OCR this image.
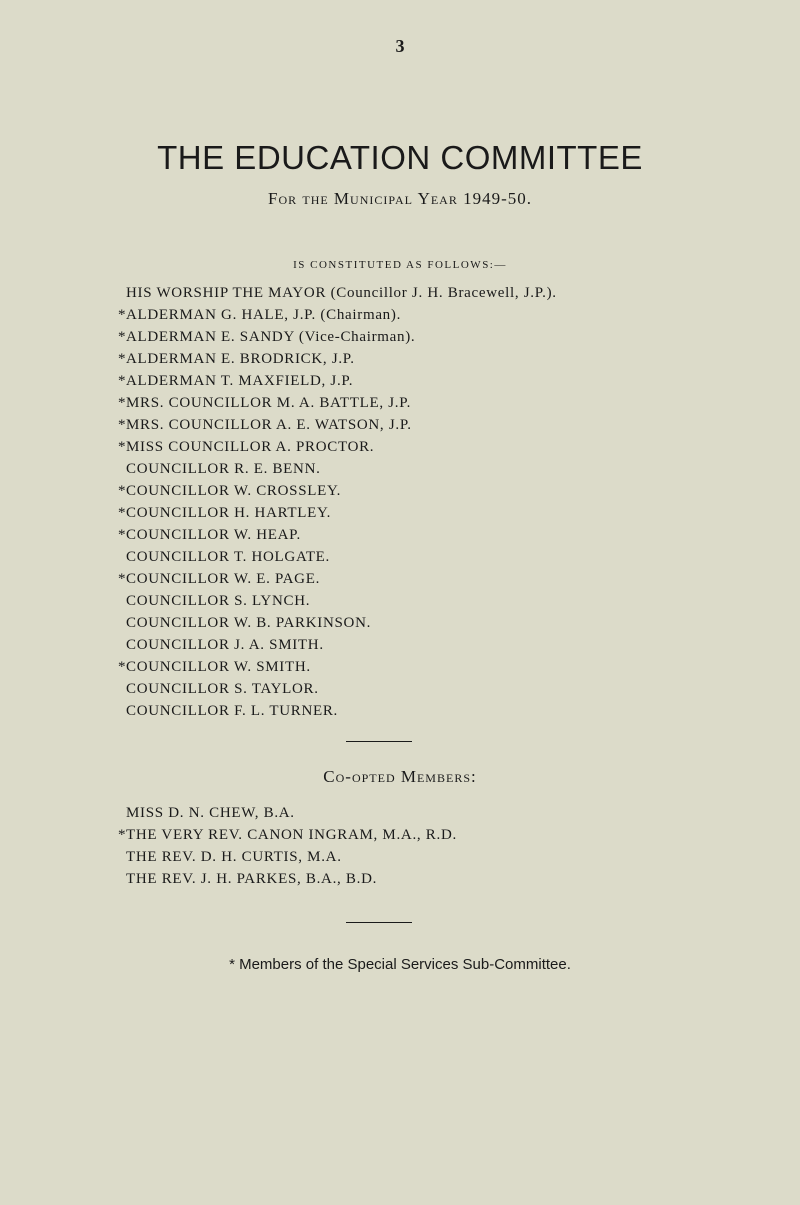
3
THE EDUCATION COMMITTEE
For the Municipal Year 1949-50.
IS CONSTITUTED AS FOLLOWS:—
HIS WORSHIP THE MAYOR (Councillor J. H. Bracewell, J.P.).
* ALDERMAN G. HALE, J.P. (Chairman).
* ALDERMAN E. SANDY (Vice-Chairman).
* ALDERMAN E. BRODRICK, J.P.
* ALDERMAN T. MAXFIELD, J.P.
* MRS. COUNCILLOR M. A. BATTLE, J.P.
* MRS. COUNCILLOR A. E. WATSON, J.P.
* MISS COUNCILLOR A. PROCTOR.
COUNCILLOR R. E. BENN.
* COUNCILLOR W. CROSSLEY.
* COUNCILLOR H. HARTLEY.
* COUNCILLOR W. HEAP.
COUNCILLOR T. HOLGATE.
* COUNCILLOR W. E. PAGE.
COUNCILLOR S. LYNCH.
COUNCILLOR W. B. PARKINSON.
COUNCILLOR J. A. SMITH.
* COUNCILLOR W. SMITH.
COUNCILLOR S. TAYLOR.
COUNCILLOR F. L. TURNER.
Co-opted Members:
MISS D. N. CHEW, B.A.
* THE VERY REV. CANON INGRAM, M.A., R.D.
THE REV. D. H. CURTIS, M.A.
THE REV. J. H. PARKES, B.A., B.D.
* Members of the Special Services Sub-Committee.
